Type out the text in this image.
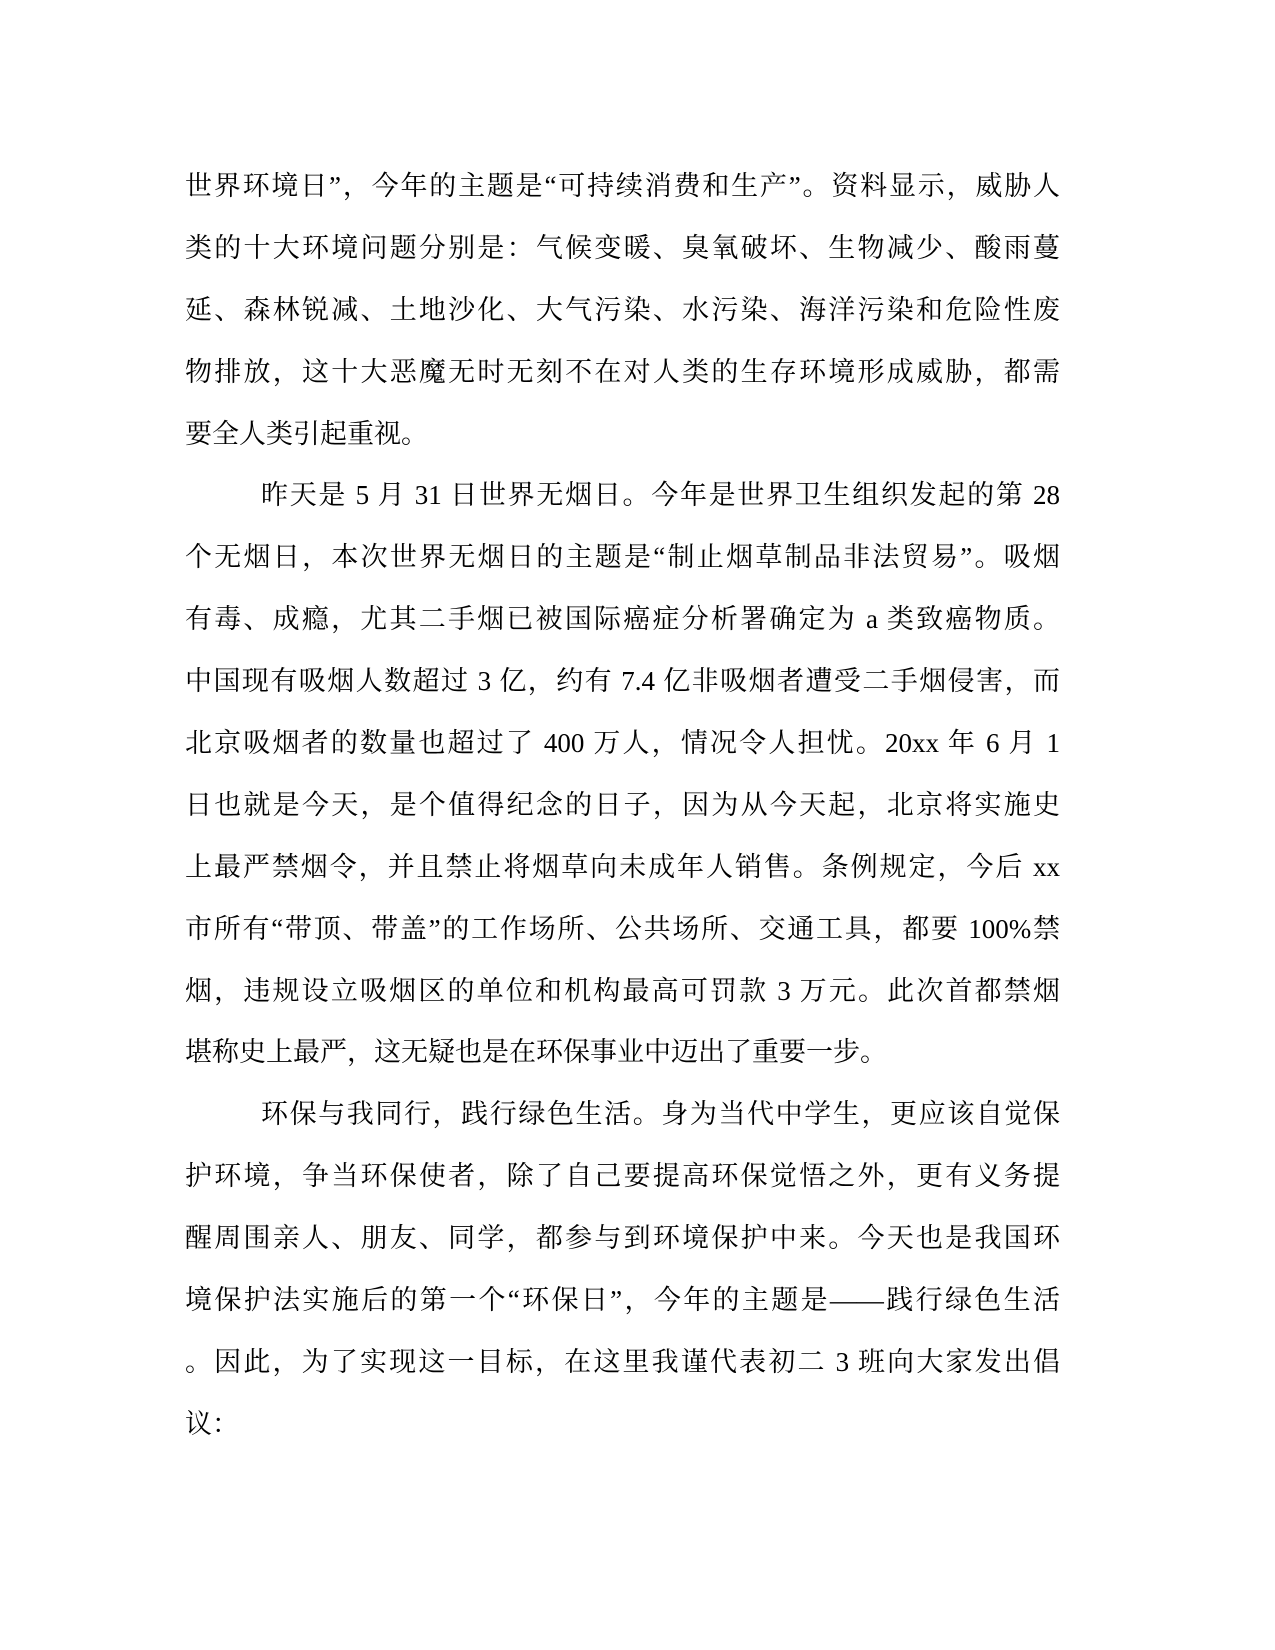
世界环境日”，今年的主题是“可持续消费和生产”。资料显示，威胁人

类的十大环境问题分别是：气候变暖、臭氧破坏、生物减少、酸雨蔓

延、森林锐减、土地沙化、大气污染、水污染、海洋污染和危险性废

物排放，这十大恶魔无时无刻不在对人类的生存环境形成威胁，都需

要全人类引起重视。

昨天是 5 月 31 日世界无烟日。今年是世界卫生组织发起的第 28

个无烟日，本次世界无烟日的主题是“制止烟草制品非法贸易”。吸烟

有毒、成瘾，尤其二手烟已被国际癌症分析署确定为 a 类致癌物质。

中国现有吸烟人数超过 3 亿，约有 7.4 亿非吸烟者遭受二手烟侵害，而

北京吸烟者的数量也超过了 400 万人，情况令人担忧。20xx 年 6 月 1

日也就是今天，是个值得纪念的日子，因为从今天起，北京将实施史

上最严禁烟令，并且禁止将烟草向未成年人销售。条例规定，今后 xx

市所有“带顶、带盖”的工作场所、公共场所、交通工具，都要 100%禁

烟，违规设立吸烟区的单位和机构最高可罚款 3 万元。此次首都禁烟

堪称史上最严，这无疑也是在环保事业中迈出了重要一步。

环保与我同行，践行绿色生活。身为当代中学生，更应该自觉保

护环境，争当环保使者，除了自己要提高环保觉悟之外，更有义务提

醒周围亲人、朋友、同学，都参与到环境保护中来。今天也是我国环

境保护法实施后的第一个“环保日”，今年的主题是——践行绿色生活

。因此，为了实现这一目标，在这里我谨代表初二 3 班向大家发出倡

议：
